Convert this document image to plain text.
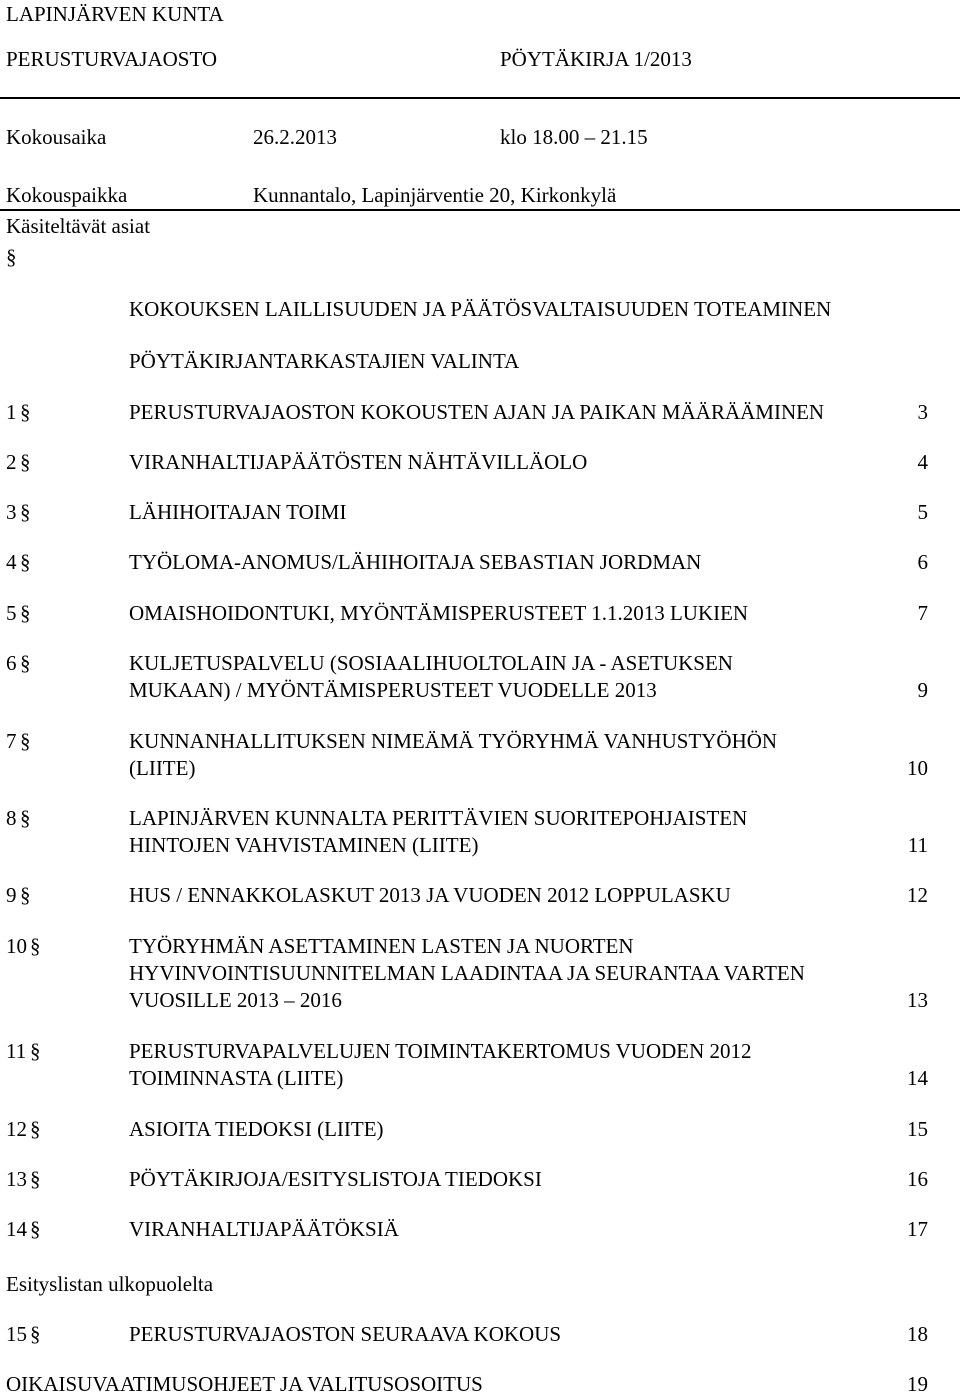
LAPINJÄRVEN KUNTA
PERUSTURVAJAOSTO	PÖYTÄKIRJA 1/2013
Kokousaika	26.2.2013	klo 18.00 – 21.15
Kokouspaikka	Kunnantalo, Lapinjärventie 20, Kirkonkylä
Käsiteltävät asiat
§
KOKOUKSEN LAILLISUUDEN JA PÄÄTÖSVALTAISUUDEN TOTEAMINEN
PÖYTÄKIRJANTARKASTAJIEN VALINTA
1 §	PERUSTURVAJAOSTON KOKOUSTEN AJAN JA PAIKAN MÄÄRÄÄMINEN	3
2 §	VIRANHALTIJAPÄÄTÖSTEN NÄHTÄVILLÄOLO	4
3 §	LÄHIHOITAJAN TOIMI	5
4 §	TYÖLOMA-ANOMUS/LÄHIHOITAJA SEBASTIAN JORDMAN	6
5 §	OMAISHOIDONTUKI, MYÖNTÄMISPERUSTEET 1.1.2013 LUKIEN	7
6 §	KULJETUSPALVELU (SOSIAALIHUOLTOLAIN JA - ASETUKSEN
MUKAAN) / MYÖNTÄMISPERUSTEET VUODELLE 2013	9
7 §	KUNNANHALLITUKSEN NIMEÄMÄ TYÖRYHMÄ VANHUSTYÖHÖN
(LIITE)	10
8 §	LAPINJÄRVEN KUNNALTA PERITTÄVIEN SUORITEPOHJAISTEN
HINTOJEN VAHVISTAMINEN (LIITE)	11
9 §	HUS / ENNAKKOLASKUT 2013 JA VUODEN 2012 LOPPULASKU	12
10 §	TYÖRYHMÄN ASETTAMINEN LASTEN JA NUORTEN
HYVINVOINTISUUNNITELMAN LAADINTAA JA SEURANTAA VARTEN
VUOSILLE 2013 – 2016	13
11 §	PERUSTURVAPALVELUJEN TOIMINTAKERTOMUS VUODEN 2012
TOIMINNASTA (LIITE)	14
12 §	ASIOITA TIEDOKSI (LIITE)	15
13 §	PÖYTÄKIRJOJA/ESITYSLISTOJA TIEDOKSI	16
14 §	VIRANHALTIJAPÄÄTÖKSIÄ	17
Esityslistan ulkopuolelta
15 §	PERUSTURVAJAOSTON SEURAAVA KOKOUS	18
OIKAISUVAATIMUSOHJEET JA VALITUSOSOITUS	19
